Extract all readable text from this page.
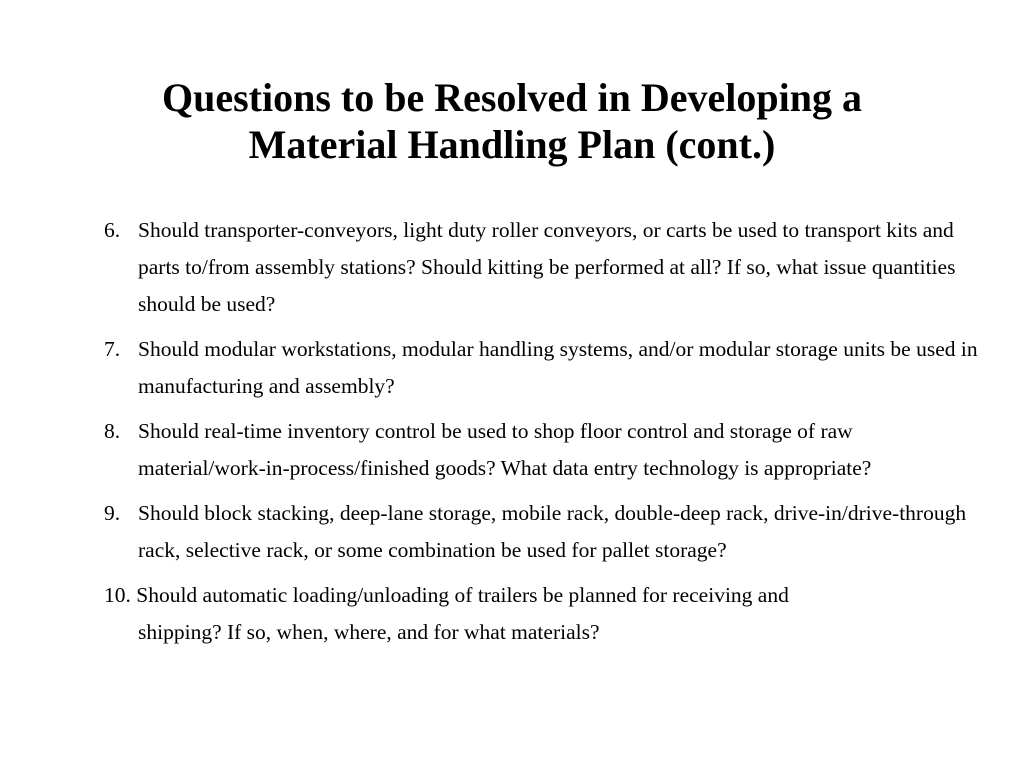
Questions to be Resolved in Developing a
Material Handling Plan (cont.)
6. Should transporter-conveyors, light duty roller conveyors, or carts be used to transport kits and parts to/from assembly stations? Should kitting be performed at all? If so, what issue quantities should be used?
7. Should modular workstations, modular handling systems, and/or modular storage units be used in manufacturing and assembly?
8. Should real-time inventory control be used to shop floor control and storage of raw material/work-in-process/finished goods? What data entry technology is appropriate?
9. Should block stacking, deep-lane storage, mobile rack, double-deep rack, drive-in/drive-through rack, selective rack, or some combination be used for pallet storage?
10. Should automatic loading/unloading of trailers be planned for receiving and
shipping? If so, when, where, and for what materials?
